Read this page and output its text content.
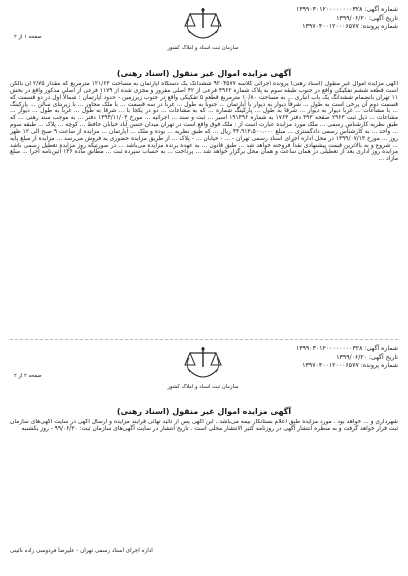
شماره آگهی: ۱۳۹۹۰۳۰۱۲۰۰۰۰۰۰۰۰۳۲۸
تاریخ آگهی: ۱۳۹۹/۰۶/۲۰
شماره پرونده: ۱۳۹۷۰۴۰۰۱۲۰۰۰۶۵۷۷
سازمان ثبت اسناد و املاک کشور
صفحه ۱ از ۲
آگهی مزایده اموال غیر منقول (اسناد رهنی)
آگهی مزایده اموال غیر منقول (اسناد رهنی) پرونده اجرائی کلاسه ۹۲۰۴۵۷۷ ششدانگ یک دستگاه آپارتمان به مساحت ۱۲۱/۶۳ مترمربع که مقدار ۲/۷۵ آن بالکن است قطعه ششم تفکیکی واقع در جنوب طبقه سوم به پلاک شماره ۴۹۶۲ فرعی از ۴۲ اصلی مفروز و مجزی شده از ۱۱۷۹ فرعی از اصلی مذکور واقع در بخش ۱۱ تهران بانضمام ششدانگ یک باب انباری ... به مساحت ۱۰/۸۰ مترمربع قطعه ۵ تفکیکی واقع در جنوب زیرزمین - حدود آپارتمان : شمالاً اول در دو قسمت که قسمت دوم آن پرخی است به طول ... شرقاً دیوار به دیوار با آپارتمان ... جنوباً به طول ... غرباً در سه قسمت ... با ملک مجاور ... با زیربنای سالن ... پارکینگ ... با مشاعات ... غربا دیوار به دیوار ... شرقا به طول ... پارکینگ شماره ... که به مشاعات ... دو در یکجا با ... شرقا به طول ... غربا به طول ... دیوار ... مشاعات ... ذیل ثبت ۲۹۶۳ صفحه ۳۹۳ دفتر ۱۷۶۴ به شماره ۱۹۱۴۹۶ اسیر ... ثبت و سند ... اجرائیه ... مورخ ۱۳۹۴/۱۱/۰۳ دفتر ... به موجب سند رهنی ... که طبق نظریه کارشناس رسمی ... ملک مورد مزایده عبارت است از : ملک فوق واقع است در تهران میدان حسن آباد خیابان حافظ ... کوچه ... پلاک ... طبقه سوم ... واحد ... به کارشناس رسمی دادگستری ... مبلغ ۴۴،۹۱۳،۵۰۰،۰۰۰ ریال ... که طبق نظریه ... بوده و ملک ... آپارتمان ... مزایده از ساعت ۹ صبح الی ۱۲ ظهر روز ... مورخ ۱۳۹۹/۰۷/۱۳ در محل اداره اجرای اسناد رسمی تهران - ... - خیابان ... - پلاک ... از طریق مزایده حضوری به فروش می‌رسد ... مزایده از مبلغ پایه ... شروع و به بالاترین قیمت پیشنهادی نقداً فروخته خواهد شد ... طبق قانون ... به عهده برنده مزایده می‌باشد ... در صورتیکه روز مزایده تعطیل رسمی باشد مزایده روز اداری بعد از تعطیلی در همان ساعت و همان محل برگزار خواهد شد ... پرداخت ... به حساب سپرده ثبت ... مطابق ماده ۱۳۶ آئین‌نامه اجرا ... مبلغ مازاد ...
شماره آگهی: ۱۳۹۹۰۳۰۱۲۰۰۰۰۰۰۰۰۳۲۸
تاریخ آگهی: ۱۳۹۹/۰۶/۲۰
شماره پرونده: ۱۳۹۷۰۴۰۰۱۲۰۰۰۶۵۷۷
سازمان ثبت اسناد و املاک کشور
صفحه ۲ از ۲
آگهی مزایده اموال غیر منقول (اسناد رهنی)
شهرداری و ... خواهد بود . مورد مزایده طبق اعلام بستانکار بیمه می‌باشد . این آگهی پس از تائید نهائی فرآیند مزایده و ارسال آگهی در سایت آگهی‌های سازمان ثبت قرار خواهد گرفت و به منظره انتشار آگهی در روزنامه کثیر الانتشار محلی است . تاریخ انتشار در سایت آگهی‌های سازمان ثبت: ۹۹/۰۶/۳۰ - روز یکشنبه
اداره اجرای اسناد رسمی تهران - علیرضا فردوسی زاده نائینی
